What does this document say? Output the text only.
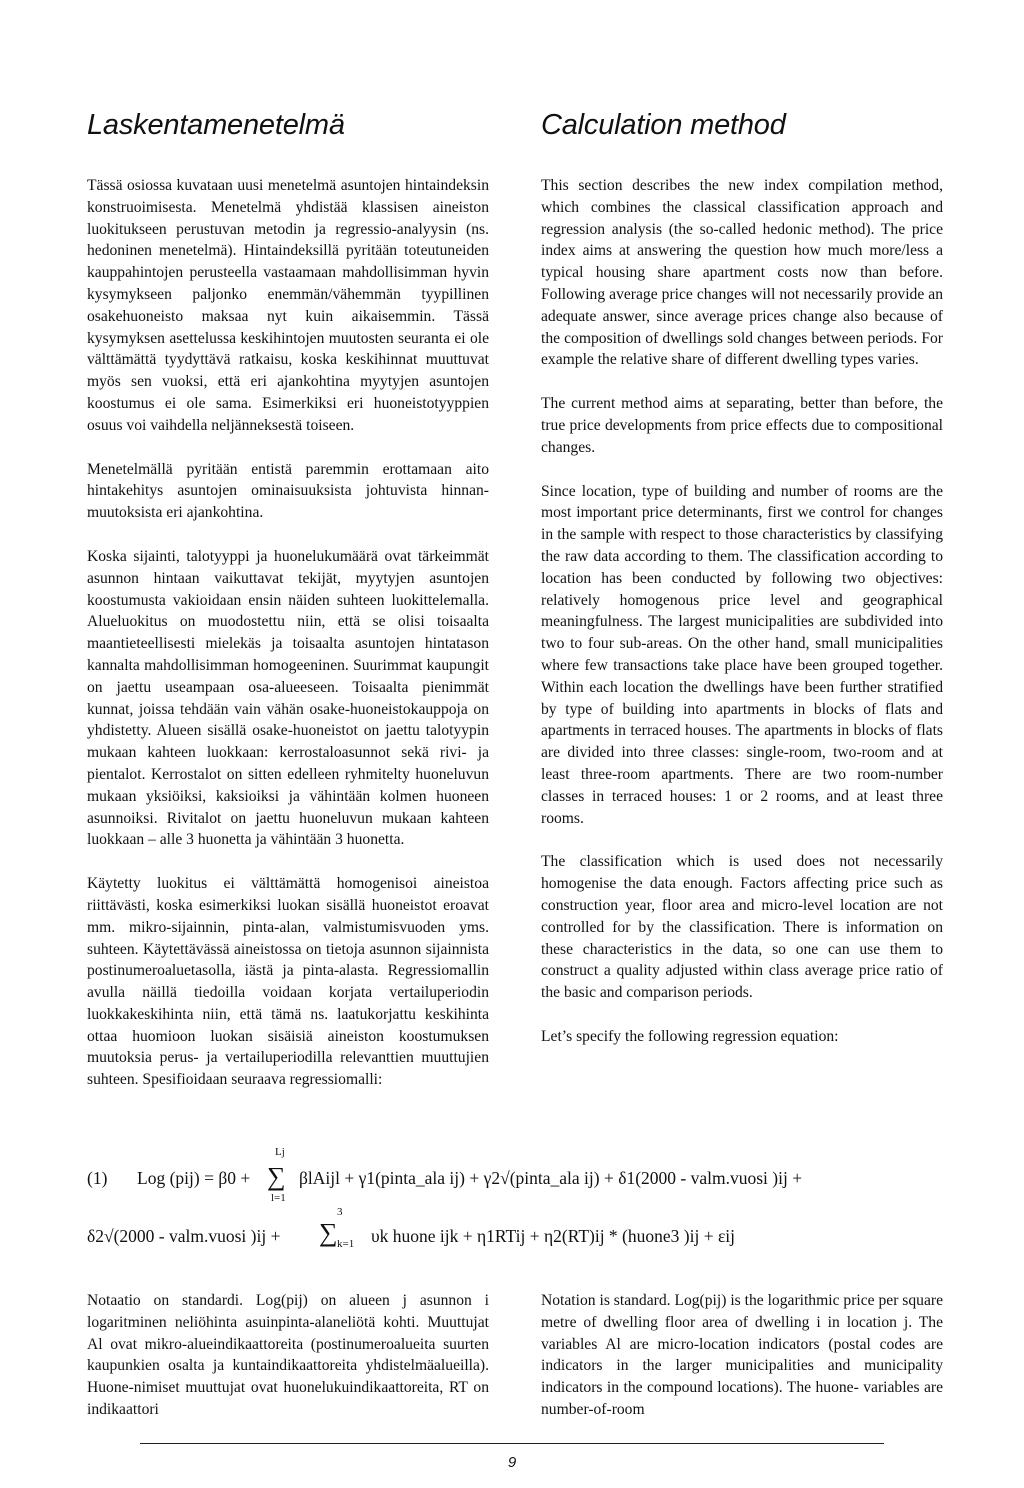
Laskentamenetelmä

Tässä osiossa kuvataan uusi menetelmä asuntojen hintaindeksin konstruoimisesta. Menetelmä yhdistää klassisen aineiston luokitukseen perustuvan metodin ja regressio-analyysin (ns. hedoninen menetelmä). Hintaindeksillä pyritään toteutuneiden kauppahintojen perusteella vastaamaan mahdollisimman hyvin kysymykseen paljonko enemmän/vähemmän tyypillinen osakehuoneisto maksaa nyt kuin aikaisemmin. Tässä kysymyksen asettelussa keskihintojen muutosten seuranta ei ole välttämättä tyydyttävä ratkaisu, koska keskihinnat muuttuvat myös sen vuoksi, että eri ajankohtina myytyjen asuntojen koostumus ei ole sama. Esimerkiksi eri huoneistotyyppien osuus voi vaihdella neljänneksestä toiseen.

Menetelmällä pyritään entistä paremmin erottamaan aito hintakehitys asuntojen ominaisuuksista johtuvista hinnan-muutoksista eri ajankohtina.

Koska sijainti, talotyyppi ja huonelukumäärä ovat tärkeimmät asunnon hintaan vaikuttavat tekijät, myytyjen asuntojen koostumusta vakioidaan ensin näiden suhteen luokittelemalla. Alueluokitus on muodostettu niin, että se olisi toisaalta maantieteellisesti mielekäs ja toisaalta asuntojen hintatason kannalta mahdollisimman homogeeninen. Suurimmat kaupungit on jaettu useampaan osa-alueeseen. Toisaalta pienimmät kunnat, joissa tehdään vain vähän osake-huoneistokauppoja on yhdistetty. Alueen sisällä osake-huoneistot on jaettu talotyypin mukaan kahteen luokkaan: kerrostaloasunnot sekä rivi- ja pientalot. Kerrostalot on sitten edelleen ryhmitelty huoneluvun mukaan yksiöiksi, kaksioiksi ja vähintään kolmen huoneen asunnoiksi. Rivitalot on jaettu huoneluvun mukaan kahteen luokkaan – alle 3 huonetta ja vähintään 3 huonetta.

Käytetty luokitus ei välttämättä homogenisoi aineistoa riittävästi, koska esimerkiksi luokan sisällä huoneistot eroavat mm. mikro-sijainnin, pinta-alan, valmistumisvuoden yms. suhteen. Käytettävässä aineistossa on tietoja asunnon sijainnista postinumeroaluetasolla, iästä ja pinta-alasta. Regressiomallin avulla näillä tiedoilla voidaan korjata vertailuperiodin luokkakeskihinta niin, että tämä ns. laatukorjattu keskihinta ottaa huomioon luokan sisäisiä aineiston koostumuksen muutoksia perus- ja vertailuperiodilla relevanttien muuttujien suhteen. Spesifioidaan seuraava regressiomalli:

Calculation method

This section describes the new index compilation method, which combines the classical classification approach and regression analysis (the so-called hedonic method). The price index aims at answering the question how much more/less a typical housing share apartment costs now than before. Following average price changes will not necessarily provide an adequate answer, since average prices change also because of the composition of dwellings sold changes between periods. For example the relative share of different dwelling types varies.

The current method aims at separating, better than before, the true price developments from price effects due to compositional changes.

Since location, type of building and number of rooms are the most important price determinants, first we control for changes in the sample with respect to those characteristics by classifying the raw data according to them. The classification according to location has been conducted by following two objectives: relatively homogenous price level and geographical meaningfulness. The largest municipalities are subdivided into two to four sub-areas. On the other hand, small municipalities where few transactions take place have been grouped together. Within each location the dwellings have been further stratified by type of building into apartments in blocks of flats and apartments in terraced houses. The apartments in blocks of flats are divided into three classes: single-room, two-room and at least three-room apartments. There are two room-number classes in terraced houses: 1 or 2 rooms, and at least three rooms.

The classification which is used does not necessarily homogenise the data enough. Factors affecting price such as construction year, floor area and micro-level location are not controlled for by the classification. There is information on these characteristics in the data, so one can use them to construct a quality adjusted within class average price ratio of the basic and comparison periods.

Let’s specify the following regression equation:

(1) Log (pij) = β0 +
Lj
∑
l=1
βlAijl + γ1(pinta_ala ij) + γ2√(pinta_ala ij) + δ1(2000 - valm.vuosi )ij +
δ2√(2000 - valm.vuosi )ij +
3
∑ k=1 υk huone ijk + η1RTij + η2(RT)ij * (huone3 )ij + εij

Notaatio on standardi. Log(pij) on alueen j asunnon i logaritminen neliöhinta asuinpinta-alaneliötä kohti. Muuttujat Al ovat mikro-alueindikaattoreita (postinumeroalueita suurten kaupunkien osalta ja kuntaindikaattoreita yhdistelmäalueilla). Huone-nimiset muuttujat ovat huonelukuindikaattoreita, RT on indikaattori

Notation is standard. Log(pij) is the logarithmic price per square metre of dwelling floor area of dwelling i in location j. The variables Al are micro-location indicators (postal codes are indicators in the larger municipalities and municipality indicators in the compound locations). The huone- variables are number-of-room

9
